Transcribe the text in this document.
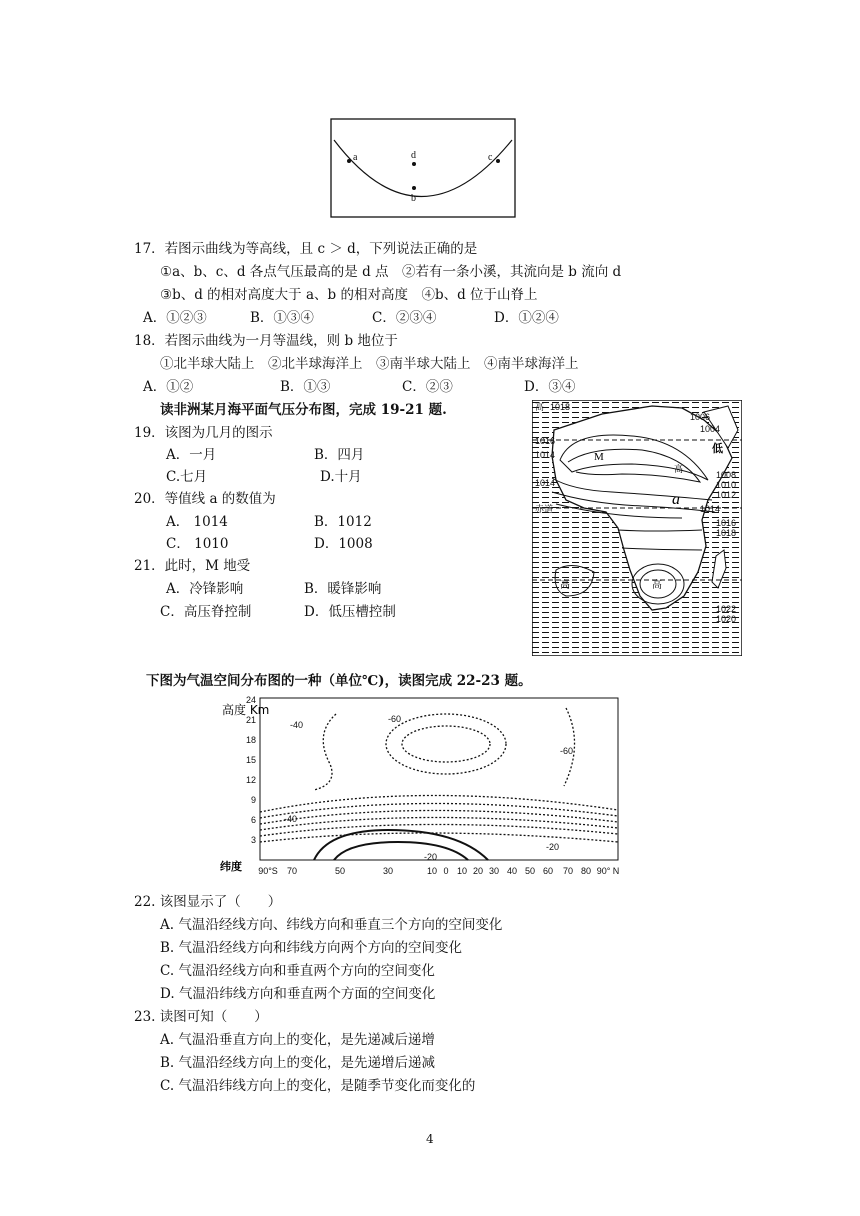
a
b
c
d
17．若图示曲线为等高线，且 c ＞ d，下列说法正确的是
①a、b、c、d 各点气压最高的是 d 点　②若有一条小溪，其流向是 b 流向 d
③b、d 的相对高度大于 a、b 的相对高度　④b、d 位于山脊上
A．①②③	B．①③④	C．②③④	D．①②④
18．若图示曲线为一月等温线，则 b 地位于
①北半球大陆上　②北半球海洋上　③南半球大陆上　④南半球海洋上
A．①②	B．①③	C．②③	D．③④
读非洲某月海平面气压分布图，完成 19-21 题.
19．该图为几月的图示
A．一月	B．四月
C.七月	D.十月
20．等值线 a 的数值为
A． 1014	B．1012
C． 1010	D．1008
21．此时，M 地受
A．冷锋影响	B．暖锋影响
C．高压脊控制	D．低压槽控制
高 1018
1006
1004
1016
1014
1008
1010
1012
1014
1016
1018
1014
1022
1020
赤道
低
M
a
高
高	高
下图为气温空间分布图的一种（单位℃)，读图完成 22-23 题。
高度 Km
24
21
18
15
12
9
6
3
90°S 70	50	30	10 0 10 20 30 40 50 60 70 80 90° N
纬度
-40
-60
-60
-40
-20
-20
22. 该图显示了（　　）
A. 气温沿经线方向、纬线方向和垂直三个方向的空间变化
B. 气温沿经线方向和纬线方向两个方向的空间变化
C. 气温沿经线方向和垂直两个方向的空间变化
D. 气温沿纬线方向和垂直两个方面的空间变化
23. 读图可知（　　）
A. 气温沿垂直方向上的变化，是先递减后递增
B. 气温沿经线方向上的变化，是先递增后递减
C. 气温沿纬线方向上的变化，是随季节变化而变化的
4
